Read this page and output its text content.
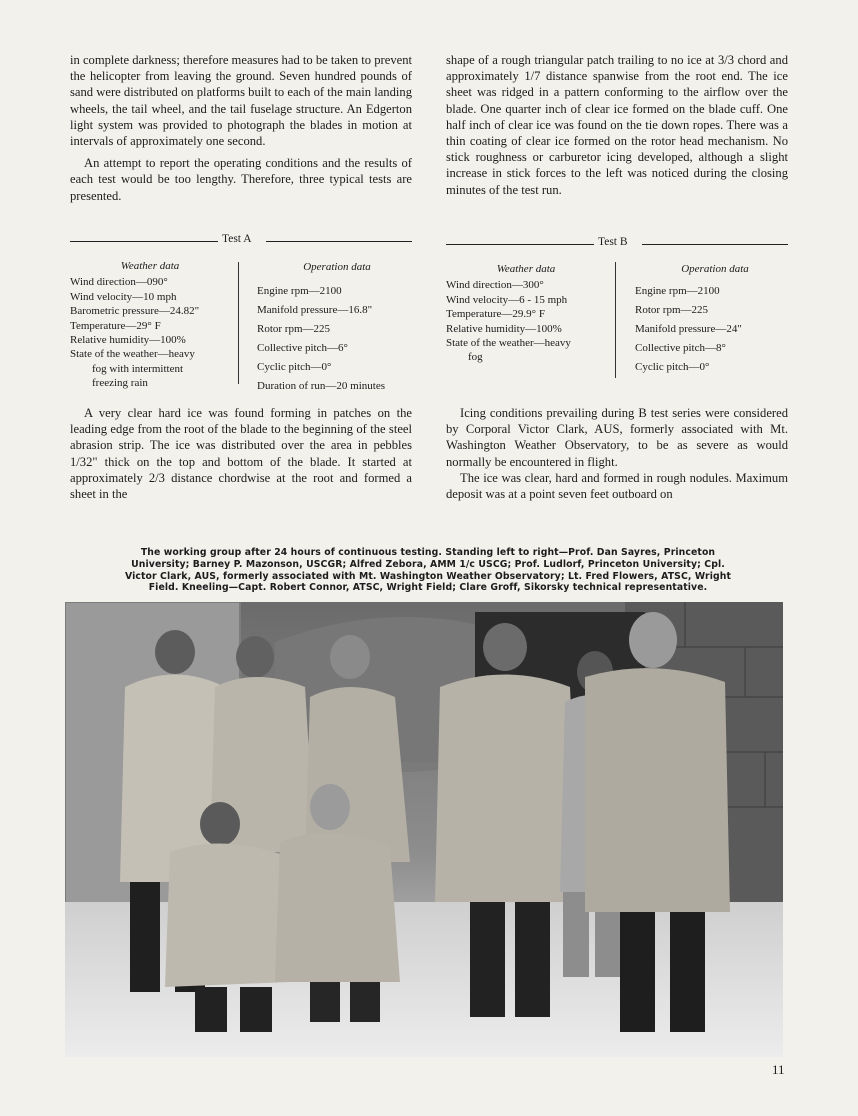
in complete darkness; therefore measures had to be taken to prevent the helicopter from leaving the ground. Seven hundred pounds of sand were distributed on platforms built to each of the main landing wheels, the tail wheel, and the tail fuselage structure. An Edgerton light system was provided to photograph the blades in motion at intervals of approximately one second.

An attempt to report the operating conditions and the results of each test would be too lengthy. Therefore, three typical tests are presented.

shape of a rough triangular patch trailing to no ice at 3/3 chord and approximately 1/7 distance spanwise from the root end. The ice sheet was ridged in a pattern conforming to the airflow over the blade. One quarter inch of clear ice formed on the blade cuff. One half inch of clear ice was found on the tie down ropes. There was a thin coating of clear ice formed on the rotor head mechanism. No stick roughness or carburetor icing developed, although a slight increase in stick forces to the left was noticed during the closing minutes of the test run.

Test A
Weather data
Wind direction—090°
Wind velocity—10 mph
Barometric pressure—24.82"
Temperature—29° F
Relative humidity—100%
State of the weather—heavy
fog with intermittent
freezing rain
Operation data
Engine rpm—2100
Manifold pressure—16.8"
Rotor rpm—225
Collective pitch—6°
Cyclic pitch—0°
Duration of run—20 minutes
Test B
Weather data
Wind direction—300°
Wind velocity—6 - 15 mph
Temperature—29.9° F
Relative humidity—100%
State of the weather—heavy
fog
Operation data
Engine rpm—2100
Rotor rpm—225
Manifold pressure—24"
Collective pitch—8°
Cyclic pitch—0°

A very clear hard ice was found forming in patches on the leading edge from the root of the blade to the beginning of the steel abrasion strip. The ice was distributed over the area in pebbles 1/32" thick on the top and bottom of the blade. It started at approximately 2/3 distance chordwise at the root and formed a sheet in the

Icing conditions prevailing during B test series were considered by Corporal Victor Clark, AUS, formerly associated with Mt. Washington Weather Observatory, to be as severe as would normally be encountered in flight.

The ice was clear, hard and formed in rough nodules. Maximum deposit was at a point seven feet outboard on

The working group after 24 hours of continuous testing. Standing left to right—Prof. Dan Sayres, Princeton University; Barney P. Mazonson, USCGR; Alfred Zebora, AMM 1/c USCG; Prof. Ludlorf, Princeton University; Cpl. Victor Clark, AUS, formerly associated with Mt. Washington Weather Observatory; Lt. Fred Flowers, ATSC, Wright Field. Kneeling—Capt. Robert Connor, ATSC, Wright Field; Clare Groff, Sikorsky technical representative.
11
